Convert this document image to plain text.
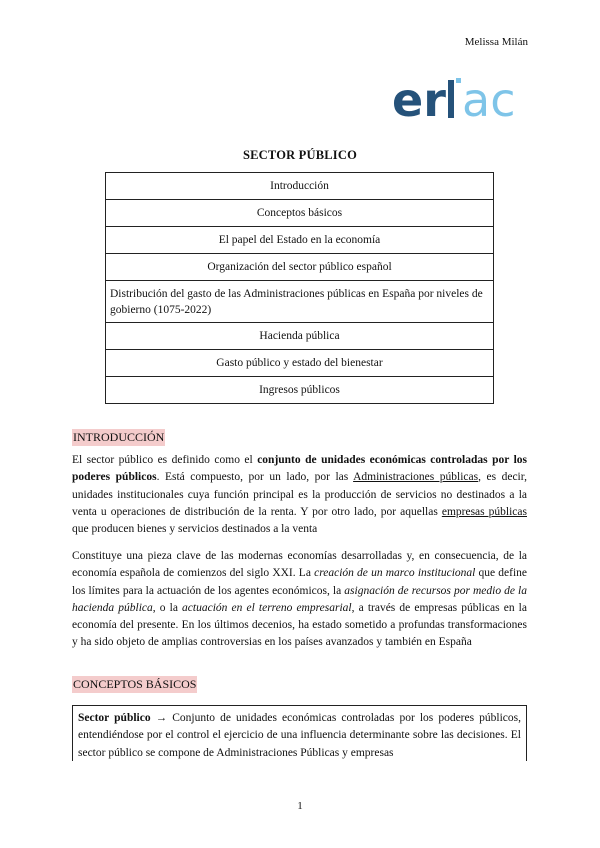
Melissa Milán
er ac
SECTOR PÚBLICO
Introducción
Conceptos básicos
El papel del Estado en la economía
Organización del sector público español
Distribución del gasto de las Administraciones públicas en España por niveles de gobierno (1075-2022)
Hacienda pública
Gasto público y estado del bienestar
Ingresos públicos
INTRODUCCIÓN
El sector público es definido como el conjunto de unidades económicas controladas por los poderes públicos. Está compuesto, por un lado, por las Administraciones públicas, es decir, unidades institucionales cuya función principal es la producción de servicios no destinados a la venta u operaciones de distribución de la renta. Y por otro lado, por aquellas empresas públicas que producen bienes y servicios destinados a la venta
Constituye una pieza clave de las modernas economías desarrolladas y, en consecuencia, de la economía española de comienzos del siglo XXI. La creación de un marco institucional que define los límites para la actuación de los agentes económicos, la asignación de recursos por medio de la hacienda pública, o la actuación en el terreno empresarial, a través de empresas públicas en la economía del presente. En los últimos decenios, ha estado sometido a profundas transformaciones y ha sido objeto de amplias controversias en los países avanzados y también en España
CONCEPTOS BÁSICOS
Sector público → Conjunto de unidades económicas controladas por los poderes públicos, entendiéndose por el control el ejercicio de una influencia determinante sobre las decisiones. El sector público se compone de Administraciones Públicas y empresas
1
